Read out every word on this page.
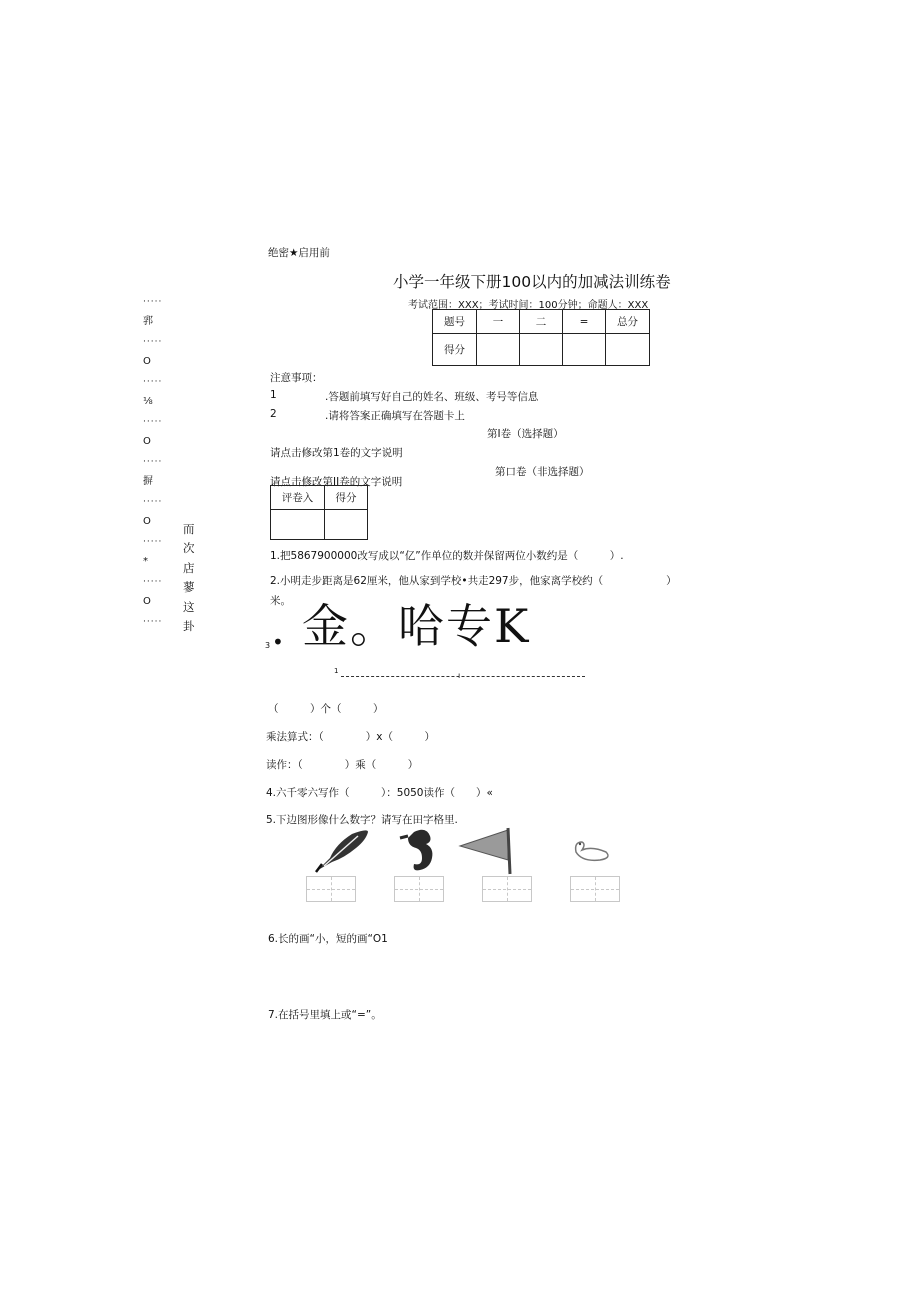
绝密★启用前
小学一年级下册100以内的加减法训练卷
考试范围：XXX；考试时间：100分钟；命题人：XXX
题号	一	二	=	总分
得分				
·····
郛
·····
O
·····
⅛
·····
O
·····
摒
·····
O
·····
*
·····
O
·····
而
次
店
蓼
这
卦
注意事项：
1	.答题前填写好自己的姓名、班级、考号等信息
2	.请将答案正确填写在答题卡上
第I卷（选择题）
请点击修改第1卷的文字说明
第口卷（非选择题）
请点击修改第II卷的文字说明
评卷入	得分

1.把5867900000改写成以“亿”作单位的数并保留两位小数约是（　　　）.
2.小明走步距离是62厘米，他从家到学校•共走297步，他家离学校约（　　　　　　）
米。
3 • 金。哈专K
1	ı
（　　　）个（　　　）
乘法算式：（　　　　）x（　　　）
读作：（　　　　）乘（　　　）
4.六千零六写作（　　　）：5050读作（　　）«
5.下边图形像什么数字？请写在田字格里.
6.长的画“小，短的画“O1
7.在括号里填上或“=”。
